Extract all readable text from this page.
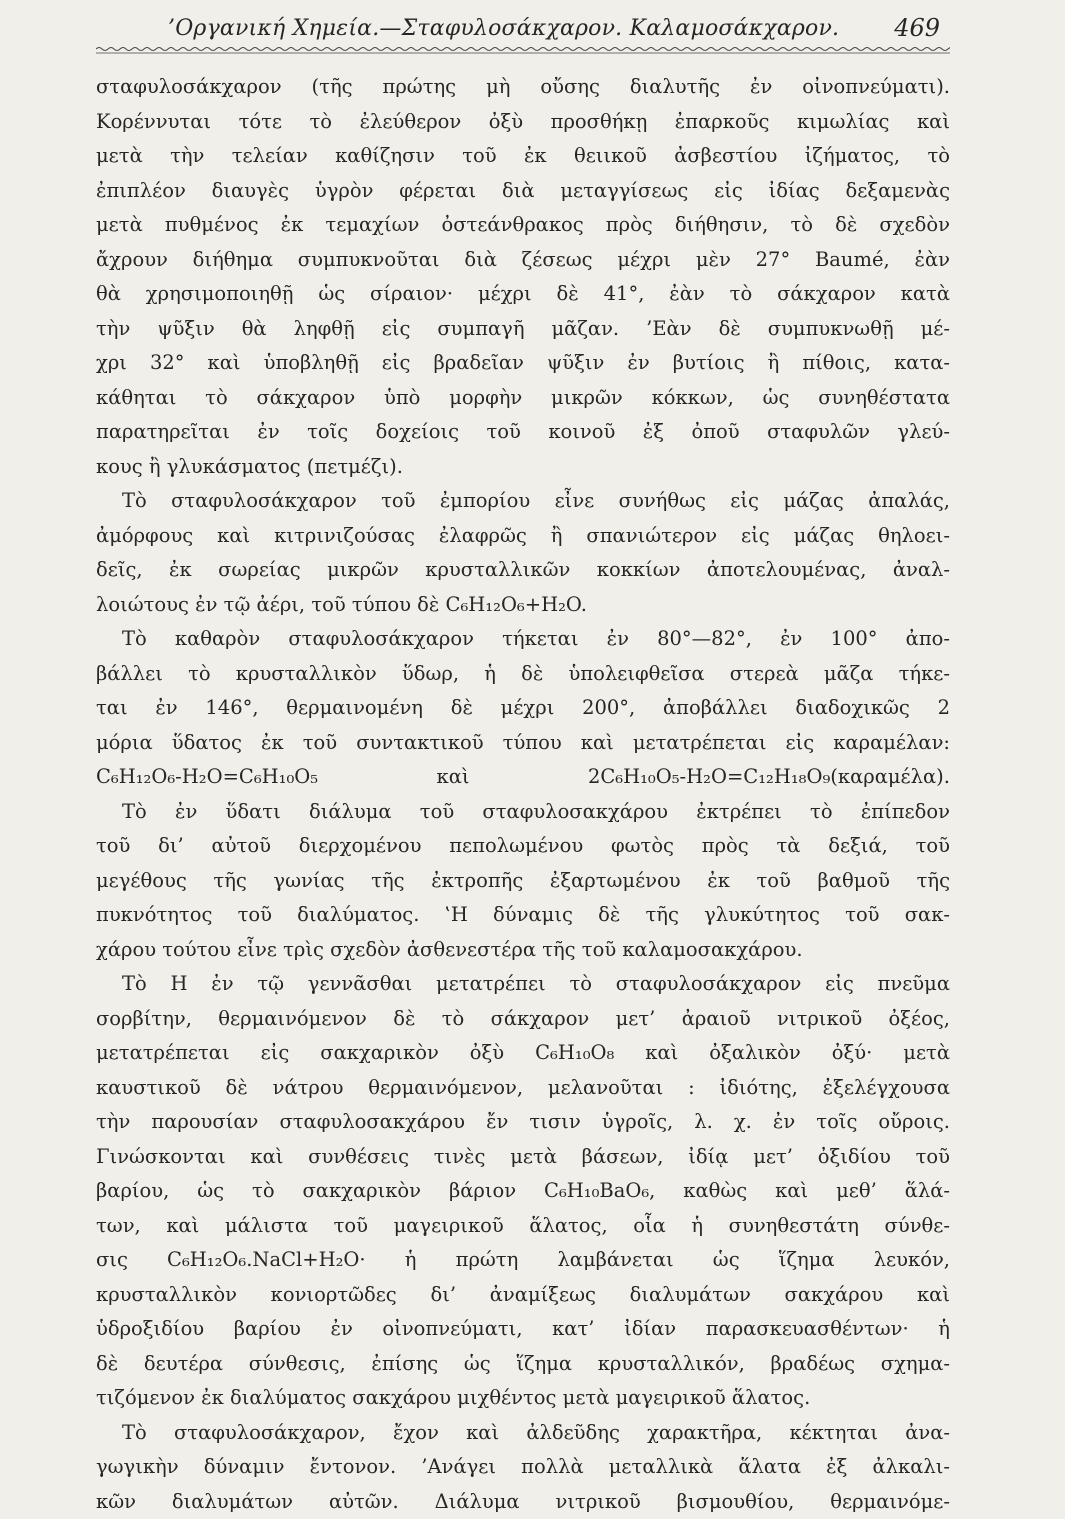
’Οργανική Χημεία.—Σταφυλοσάκχαρον. Καλαμοσάκχαρον. 469
σταφυλοσάκχαρον (τῆς πρώτης μὴ οὔσης διαλυτῆς ἐν οἰνοπνεύματι).
Κορέννυται τότε τὸ ἐλεύθερον ὀξὺ προσθήκῃ ἐπαρκοῦς κιμωλίας καὶ
μετὰ τὴν τελείαν καθίζησιν τοῦ ἐκ θειικοῦ ἀσβεστίου ἰζήματος, τὸ
ἐπιπλέον διαυγὲς ὑγρὸν φέρεται διὰ μεταγγίσεως εἰς ἰδίας δεξαμενὰς
μετὰ πυθμένος ἐκ τεμαχίων ὀστεάνθρακος πρὸς διήθησιν, τὸ δὲ σχεδὸν
ἄχρουν διήθημα συμπυκνοῦται διὰ ζέσεως μέχρι μὲν 27° Baumé, ἐὰν
θὰ χρησιμοποιηθῇ ὡς σίραιον· μέχρι δὲ 41°, ἐὰν τὸ σάκχαρον κατὰ
τὴν ψῦξιν θὰ ληφθῇ εἰς συμπαγῆ μᾶζαν. ’Εὰν δὲ συμπυκνωθῇ μέ-
χρι 32° καὶ ὑποβληθῇ εἰς βραδεῖαν ψῦξιν ἐν βυτίοις ἢ πίθοις, κατα-
κάθηται τὸ σάκχαρον ὑπὸ μορφὴν μικρῶν κόκκων, ὡς συνηθέστατα
παρατηρεῖται ἐν τοῖς δοχείοις τοῦ κοινοῦ ἐξ ὀποῦ σταφυλῶν γλεύ-
κους ἢ γλυκάσματος (πετμέζι).
Τὸ σταφυλοσάκχαρον τοῦ ἐμπορίου εἶνε συνήθως εἰς μάζας ἀπαλάς,
ἀμόρφους καὶ κιτρινιζούσας ἐλαφρῶς ἢ σπανιώτερον εἰς μάζας θηλοει-
δεῖς, ἐκ σωρείας μικρῶν κρυσταλλικῶν κοκκίων ἀποτελουμένας, ἀναλ-
λοιώτους ἐν τῷ ἀέρι, τοῦ τύπου δὲ C₆H₁₂O₆+H₂O.
Τὸ καθαρὸν σταφυλοσάκχαρον τήκεται ἐν 80°—82°, ἐν 100° ἀπο-
βάλλει τὸ κρυσταλλικὸν ὕδωρ, ἡ δὲ ὑπολειφθεῖσα στερεὰ μᾶζα τήκε-
ται ἐν 146°, θερμαινομένη δὲ μέχρι 200°, ἀποβάλλει διαδοχικῶς 2
μόρια ὕδατος ἐκ τοῦ συντακτικοῦ τύπου καὶ μετατρέπεται εἰς καραμέλαν:
C₆H₁₂O₆-H₂O=C₆H₁₀O₅ καὶ 2C₆H₁₀O₅-H₂O=C₁₂H₁₈O₉(καραμέλα).
Τὸ ἐν ὕδατι διάλυμα τοῦ σταφυλοσακχάρου ἐκτρέπει τὸ ἐπίπεδον
τοῦ δι’ αὐτοῦ διερχομένου πεπολωμένου φωτὸς πρὸς τὰ δεξιά, τοῦ
μεγέθους τῆς γωνίας τῆς ἐκτροπῆς ἐξαρτωμένου ἐκ τοῦ βαθμοῦ τῆς
πυκνότητος τοῦ διαλύματος. ‛Η δύναμις δὲ τῆς γλυκύτητος τοῦ σακ-
χάρου τούτου εἶνε τρὶς σχεδὸν ἀσθενεστέρα τῆς τοῦ καλαμοσακχάρου.
Τὸ H ἐν τῷ γεννᾶσθαι μετατρέπει τὸ σταφυλοσάκχαρον εἰς πνεῦμα
σορβίτην, θερμαινόμενον δὲ τὸ σάκχαρον μετ’ ἀραιοῦ νιτρικοῦ ὀξέος,
μετατρέπεται εἰς σακχαρικὸν ὀξὺ C₆H₁₀O₈ καὶ ὀξαλικὸν ὀξύ· μετὰ
καυστικοῦ δὲ νάτρου θερμαινόμενον, μελανοῦται : ἰδιότης, ἐξελέγχουσα
τὴν παρουσίαν σταφυλοσακχάρου ἔν τισιν ὑγροῖς, λ. χ. ἐν τοῖς οὔροις.
Γινώσκονται καὶ συνθέσεις τινὲς μετὰ βάσεων, ἰδίᾳ μετ’ ὀξιδίου τοῦ
βαρίου, ὡς τὸ σακχαρικὸν βάριον C₆H₁₀BaO₆, καθὼς καὶ μεθ’ ἅλά-
των, καὶ μάλιστα τοῦ μαγειρικοῦ ἅλατος, οἷα ἡ συνηθεστάτη σύνθε-
σις C₆H₁₂O₆.NaCl+H₂O· ἡ πρώτη λαμβάνεται ὡς ἵζημα λευκόν,
κρυσταλλικὸν κονιορτῶδες δι’ ἀναμίξεως διαλυμάτων σακχάρου καὶ
ὑδροξιδίου βαρίου ἐν οἰνοπνεύματι, κατ’ ἰδίαν παρασκευασθέντων· ἡ
δὲ δευτέρα σύνθεσις, ἐπίσης ὡς ἵζημα κρυσταλλικόν, βραδέως σχημα-
τιζόμενον ἐκ διαλύματος σακχάρου μιχθέντος μετὰ μαγειρικοῦ ἅλατος.
Τὸ σταφυλοσάκχαρον, ἔχον καὶ ἀλδεῦδης χαρακτῆρα, κέκτηται ἀνα-
γωγικὴν δύναμιν ἔντονον. ’Ανάγει πολλὰ μεταλλικὰ ἅλατα ἐξ ἀλκαλι-
κῶν διαλυμάτων αὐτῶν. Διάλυμα νιτρικοῦ βισμουθίου, θερμαινόμε-
